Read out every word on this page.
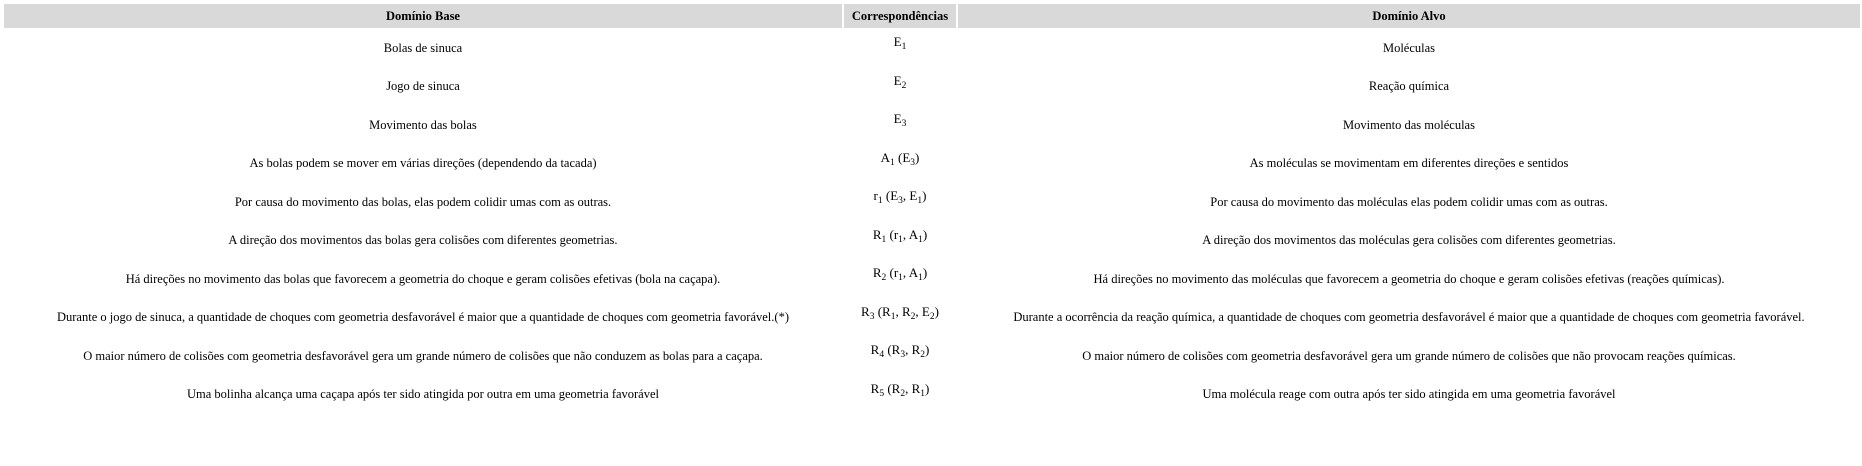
Domínio Base	Correspondências	Domínio Alvo
Bolas de sinuca	$E_1$	Moléculas
Jogo de sinuca	$E_2$	Reação química
Movimento das bolas	$E_3$	Movimento das moléculas
As bolas podem se mover em várias direções (dependendo da tacada)	$A_1$ $(E_3)$	As moléculas se movimentam em diferentes direções e sentidos
Por causa do movimento das bolas, elas podem colidir umas com as outras.	$r_1$ ($E_3$, $E_1$)	Por causa do movimento das moléculas elas podem colidir umas com as outras.
A direção dos movimentos das bolas gera colisões com diferentes geometrias.	$R_1$ ($r_1$, $A_1$)	A direção dos movimentos das moléculas gera colisões com diferentes geometrias.
Há direções no movimento das bolas que favorecem a geometria do choque e geram colisões efetivas (bola na caçapa).	$R_2$ ($r_1$, $A_1$)	Há direções no movimento das moléculas que favorecem a geometria do choque e geram colisões efetivas (reações químicas).
Durante o jogo de sinuca, a quantidade de choques com geometria desfavorável é maior que a quantidade de choques com geometria favorável.(*)	$R_3$ ($R_1$, $R_2$, $E_2$)	Durante a ocorrência da reação química, a quantidade de choques com geometria desfavorável é maior que a quantidade de choques com geometria favorável.
O maior número de colisões com geometria desfavorável gera um grande número de colisões que não conduzem as bolas para a caçapa.	$R_4$ ($R_3$, $R_2$)	O maior número de colisões com geometria desfavorável gera um grande número de colisões que não provocam reações químicas.
Uma bolinha alcança uma caçapa após ter sido atingida por outra em uma geometria favorável	$R_5$ ($R_2$, $R_1$)	Uma molécula reage com outra após ter sido atingida em uma geometria favorável
